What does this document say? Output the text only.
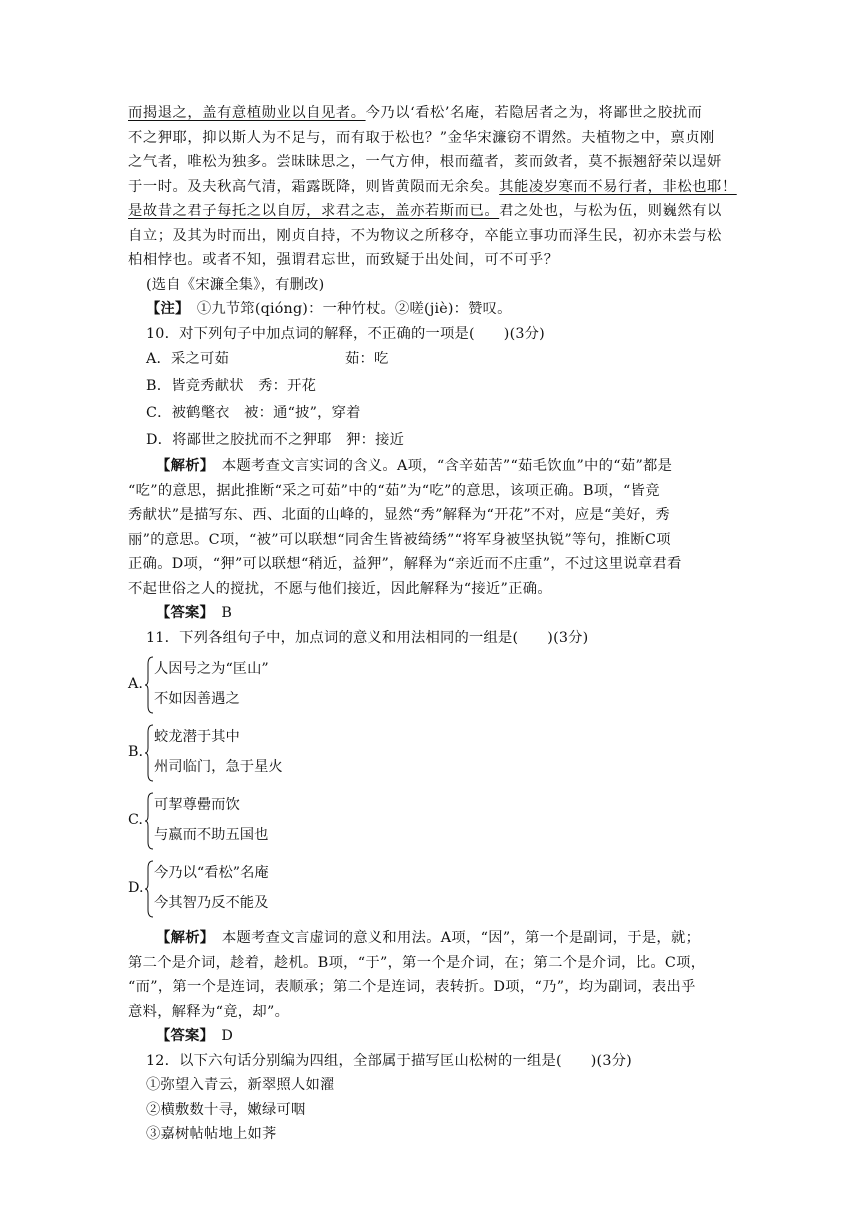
而揭退之，盖有意植勋业以自见者。今乃以‘看松’名庵，若隐居者之为，将鄙世之胶扰而
不之狎耶，抑以斯人为不足与，而有取于松也？”金华宋濂窃不谓然。夫植物之中，禀贞刚
之气者，唯松为独多。尝昧昧思之，一气方伸，根而蕴者，荄而敛者，莫不振翘舒荣以逞妍
于一时。及夫秋高气清，霜露既降，则皆黄陨而无余矣。其能凌岁寒而不易行者，非松也耶！
是故昔之君子每托之以自厉，求君之志，盖亦若斯而已。君之处也，与松为伍，则巍然有以
自立；及其为时而出，刚贞自持，不为物议之所移夺，卒能立事功而泽生民，初亦未尝与松
柏相悖也。或者不知，强谓君忘世，而致疑于出处间，可不可乎？
(选自《宋濂全集》，有删改)
【注】　 ①九节筇(qióng)：一种竹杖。②嗟(jiè)：赞叹。
10．对下列句子中加点词的解释，不正确的一项是(　　)(3分)
A．采之可茹　　　　　　　　茹：吃
B．皆竞秀献状　秀：开花
C．被鹤氅衣　被：通“披”，穿着
D．将鄙世之胶扰而不之狎耶　狎：接近
【解析】　 本题考查文言实词的含义。A项，“含辛茹苦”“茹毛饮血”中的“茹”都是
“吃”的意思，据此推断“采之可茹”中的“茹”为“吃”的意思，该项正确。B项，“皆竞
秀献状”是描写东、西、北面的山峰的，显然“秀”解释为“开花”不对，应是“美好，秀
丽”的意思。C项，“被”可以联想“同舍生皆被绮绣”“将军身被坚执锐”等句，推断C项
正确。D项，“狎”可以联想“稍近，益狎”，解释为“亲近而不庄重”，不过这里说章君看
不起世俗之人的搅扰，不愿与他们接近，因此解释为“接近”正确。
【答案】　 B
11．下列各组句子中，加点词的意义和用法相同的一组是(　　)(3分)
A.
人因号之为“匡山”
不如因善遇之
B.
蛟龙潜于其中
州司临门，急于星火
C.
可挈尊罍而饮
与嬴而不助五国也
D.
今乃以“看松”名庵
今其智乃反不能及
【解析】　 本题考查文言虚词的意义和用法。A项，“因”，第一个是副词，于是，就；
第二个是介词，趁着，趁机。B项，“于”，第一个是介词，在；第二个是介词，比。C项，
“而”，第一个是连词，表顺承；第二个是连词，表转折。D项，“乃”，均为副词，表出乎
意料，解释为“竟，却”。
【答案】　 D
12．以下六句话分别编为四组，全部属于描写匡山松树的一组是(　　)(3分)
①弥望入青云，新翠照人如濯
②横敷数十寻，嫩绿可咽
③嘉树帖帖地上如荠
